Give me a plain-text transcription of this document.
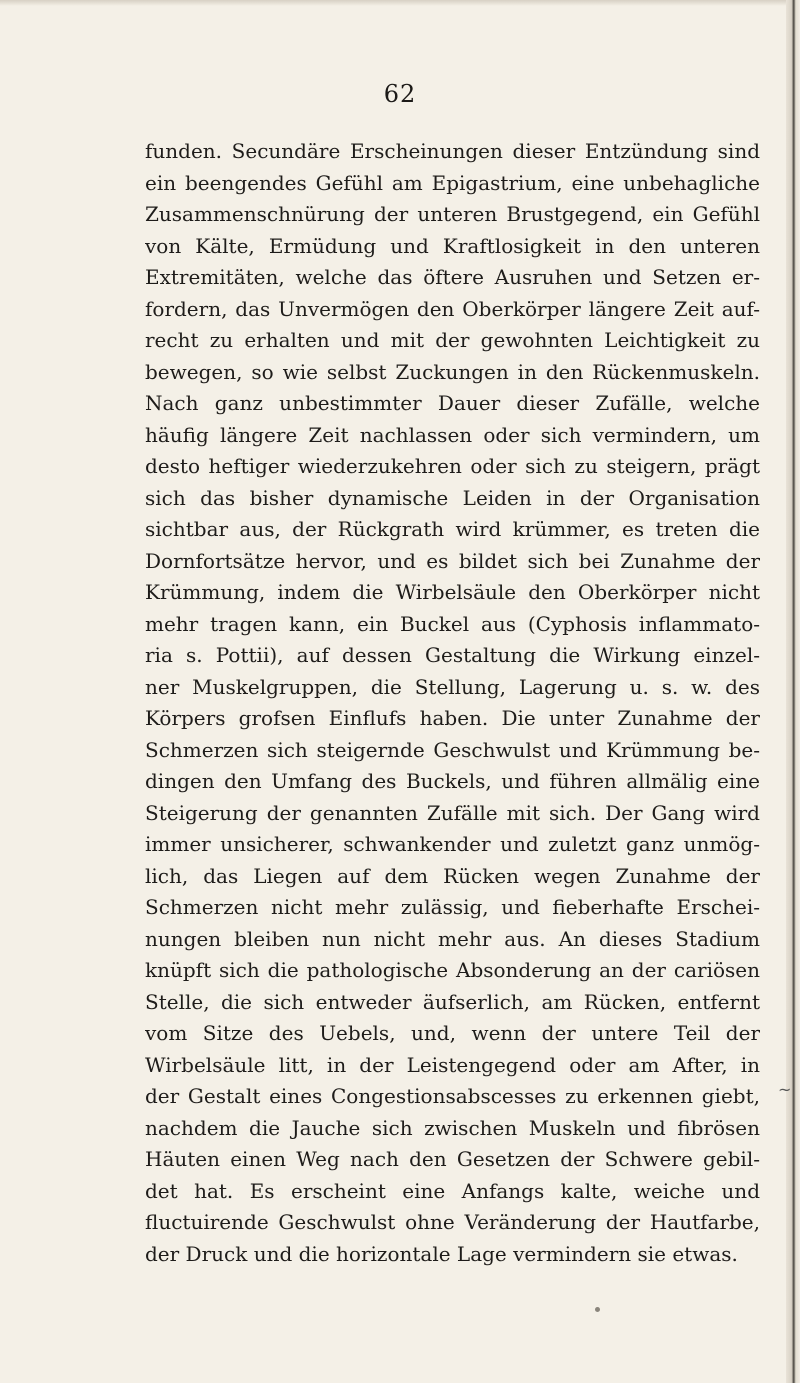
62
funden. Secundäre Erscheinungen dieser Entzündung sind
ein beengendes Gefühl am Epigastrium, eine unbehagliche
Zusammenschnürung der unteren Brustgegend, ein Gefühl
von Kälte, Ermüdung und Kraftlosigkeit in den unteren
Extremitäten, welche das öftere Ausruhen und Setzen er-
fordern, das Unvermögen den Oberkörper längere Zeit auf-
recht zu erhalten und mit der gewohnten Leichtigkeit zu
bewegen, so wie selbst Zuckungen in den Rückenmuskeln.
Nach ganz unbestimmter Dauer dieser Zufälle, welche
häufig längere Zeit nachlassen oder sich vermindern, um
desto heftiger wiederzukehren oder sich zu steigern, prägt
sich das bisher dynamische Leiden in der Organisation
sichtbar aus, der Rückgrath wird krümmer, es treten die
Dornfortsätze hervor, und es bildet sich bei Zunahme der
Krümmung, indem die Wirbelsäule den Oberkörper nicht
mehr tragen kann, ein Buckel aus (Cyphosis inflammato-
ria s. Pottii), auf dessen Gestaltung die Wirkung einzel-
ner Muskelgruppen, die Stellung, Lagerung u. s. w. des
Körpers grofsen Einflufs haben. Die unter Zunahme der
Schmerzen sich steigernde Geschwulst und Krümmung be-
dingen den Umfang des Buckels, und führen allmälig eine
Steigerung der genannten Zufälle mit sich. Der Gang wird
immer unsicherer, schwankender und zuletzt ganz unmög-
lich, das Liegen auf dem Rücken wegen Zunahme der
Schmerzen nicht mehr zulässig, und fieberhafte Erschei-
nungen bleiben nun nicht mehr aus. An dieses Stadium
knüpft sich die pathologische Absonderung an der cariösen
Stelle, die sich entweder äufserlich, am Rücken, entfernt
vom Sitze des Uebels, und, wenn der untere Teil der
Wirbelsäule litt, in der Leistengegend oder am After, in
der Gestalt eines Congestionsabscesses zu erkennen giebt,
nachdem die Jauche sich zwischen Muskeln und fibrösen
Häuten einen Weg nach den Gesetzen der Schwere gebil-
det hat. Es erscheint eine Anfangs kalte, weiche und
fluctuirende Geschwulst ohne Veränderung der Hautfarbe,
der Druck und die horizontale Lage vermindern sie etwas.
~
